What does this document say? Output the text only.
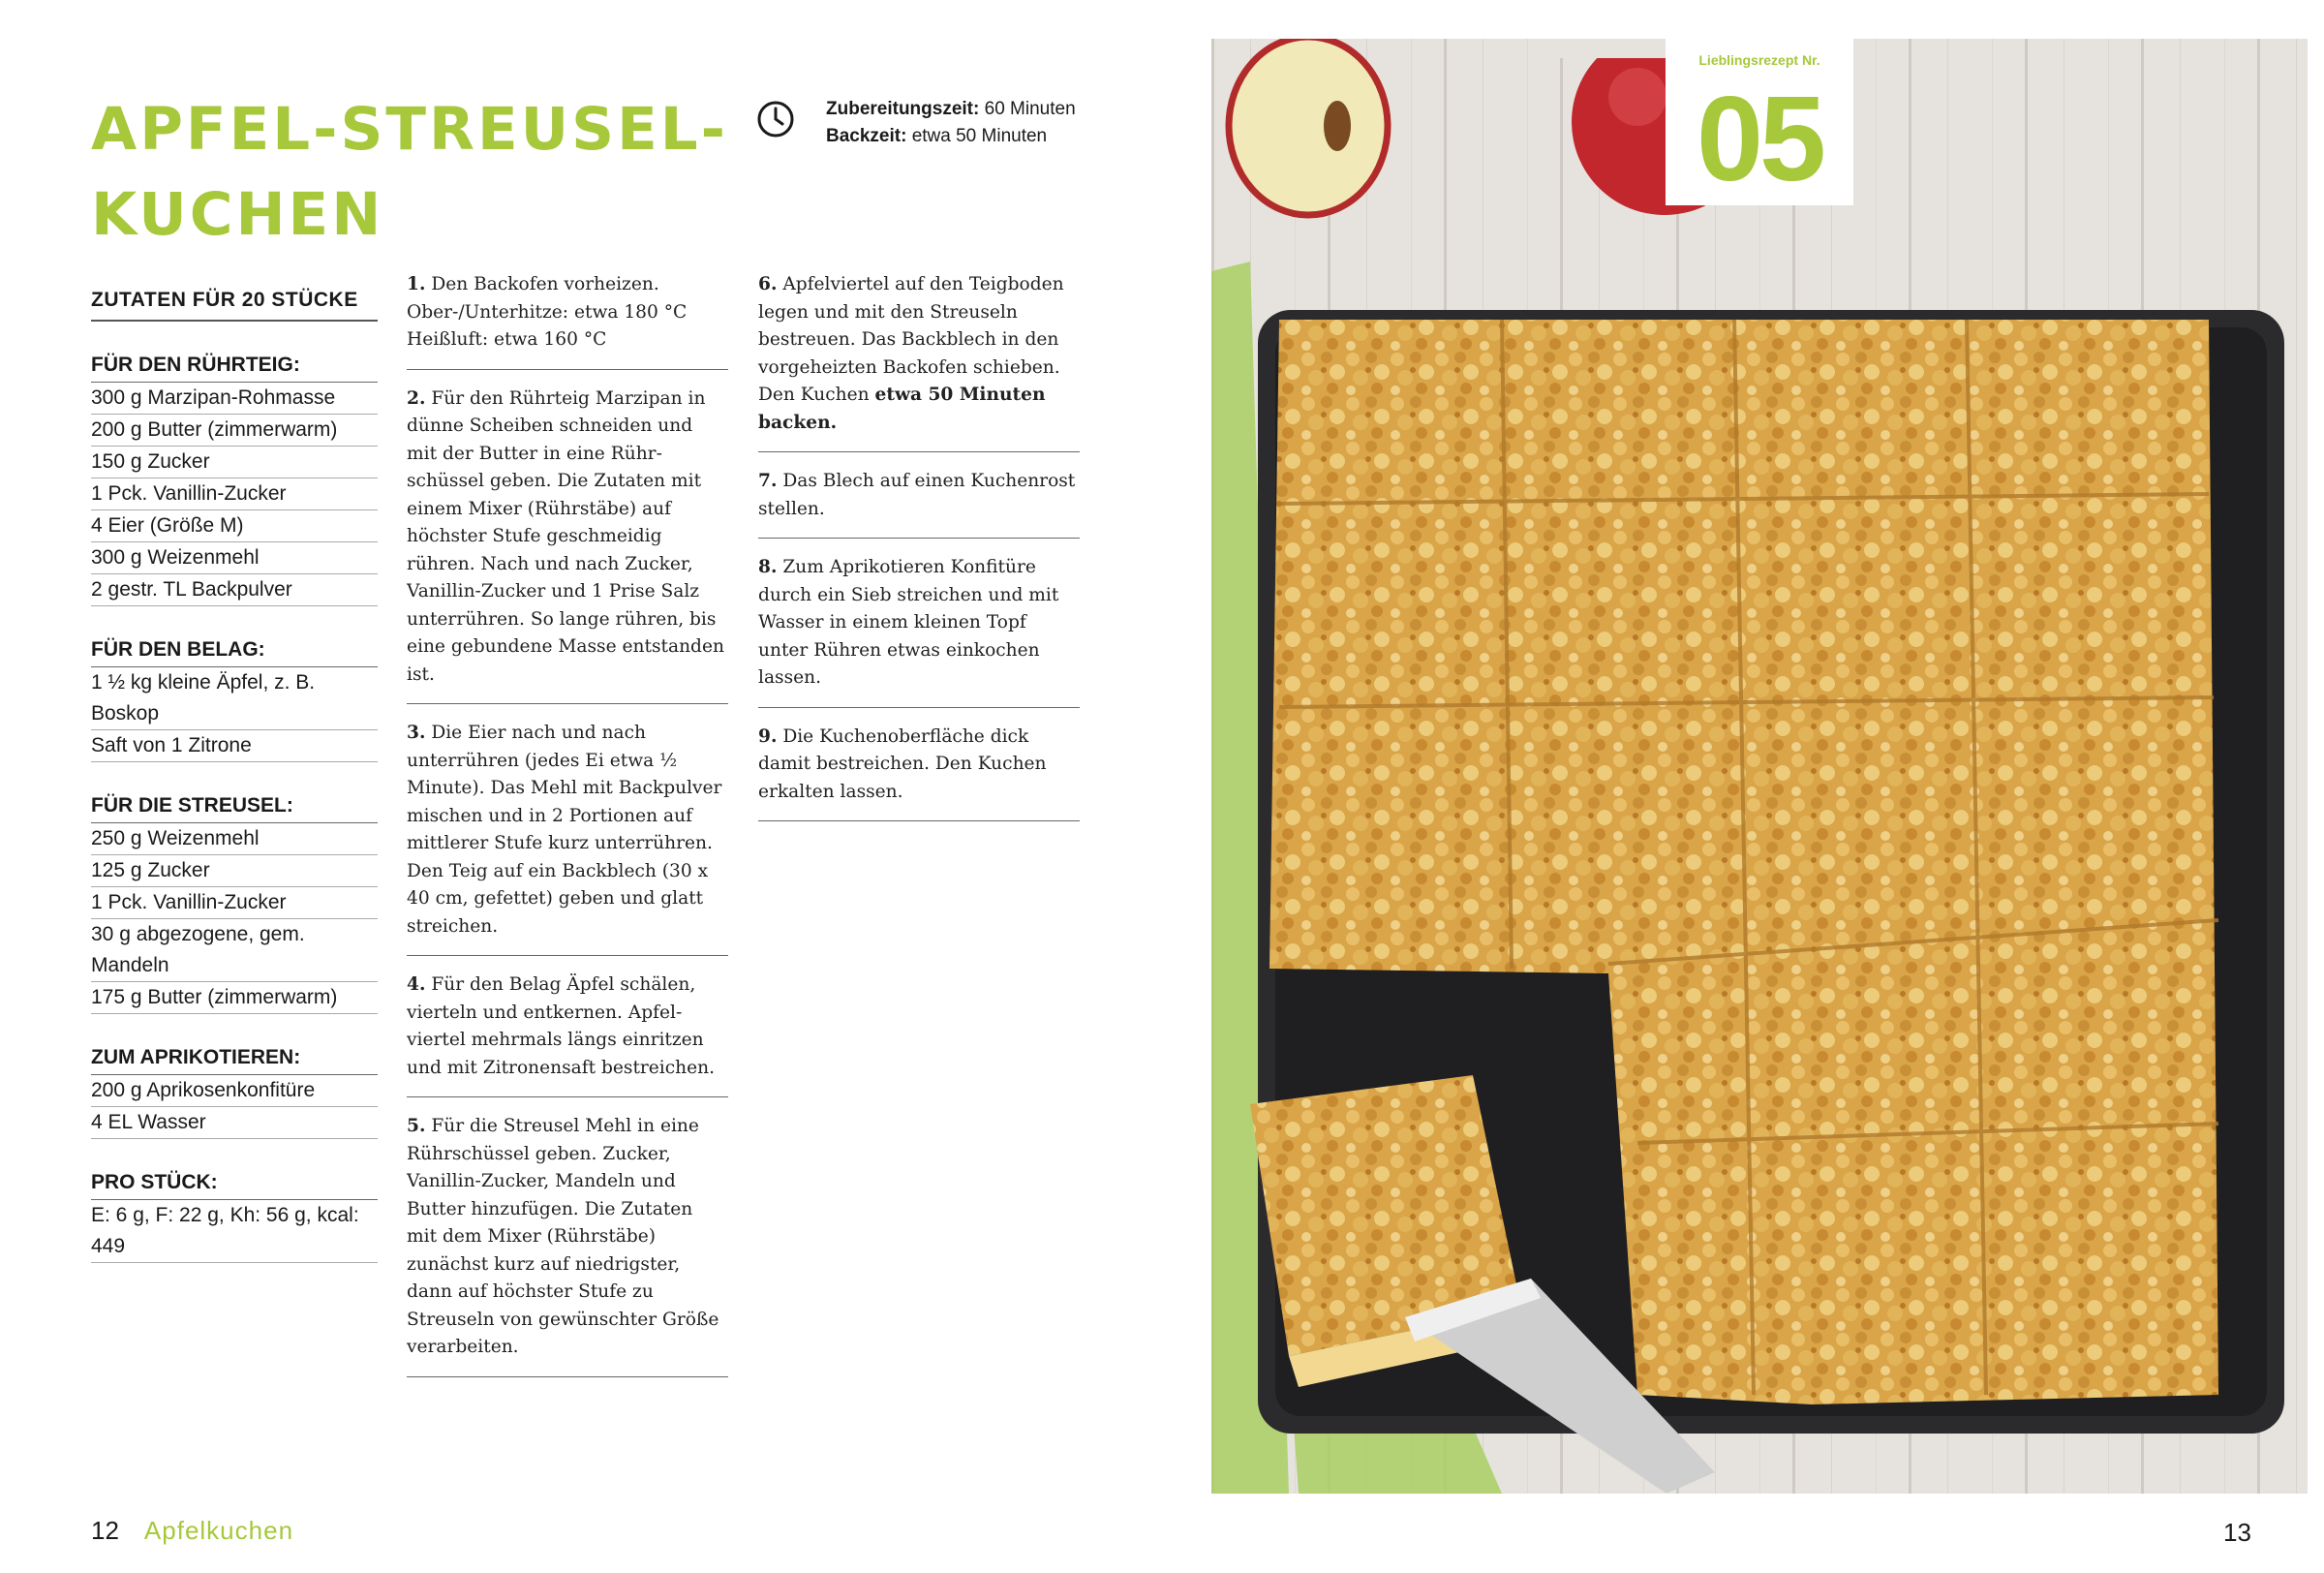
APFEL-STREUSEL-
KUCHEN
Zubereitungszeit: 60 Minuten
Backzeit: etwa 50 Minuten
ZUTATEN FÜR 20 STÜCKE
FÜR DEN RÜHRTEIG:
300 g Marzipan-Rohmasse
200 g Butter (zimmerwarm)
150 g Zucker
1 Pck. Vanillin-Zucker
4 Eier (Größe M)
300 g Weizenmehl
2 gestr. TL Backpulver
FÜR DEN BELAG:
1 ½ kg kleine Äpfel, z. B. Boskop
Saft von 1 Zitrone
FÜR DIE STREUSEL:
250 g Weizenmehl
125 g Zucker
1 Pck. Vanillin-Zucker
30 g abgezogene, gem. Mandeln
175 g Butter (zimmerwarm)
ZUM APRIKOTIEREN:
200 g Aprikosenkonfitüre
4 EL Wasser
PRO STÜCK:
E: 6 g, F: 22 g, Kh: 56 g, kcal: 449
1. Den Backofen vorheizen. Ober-/Unterhitze: etwa 180 °C Heißluft: etwa 160 °C
2. Für den Rührteig Marzipan in dünne Scheiben schneiden und mit der Butter in eine Rührschüssel geben. Die Zutaten mit einem Mixer (Rührstäbe) auf höchster Stufe geschmeidig rühren. Nach und nach Zucker, Vanillin-Zucker und 1 Prise Salz unterrühren. So lange rühren, bis eine gebundene Masse entstanden ist.
3. Die Eier nach und nach unterrühren (jedes Ei etwa ½ Minute). Das Mehl mit Backpulver mischen und in 2 Portionen auf mittlerer Stufe kurz unterrühren. Den Teig auf ein Backblech (30 x 40 cm, gefettet) geben und glatt streichen.
4. Für den Belag Äpfel schälen, vierteln und entkernen. Apfelviertel mehrmals längs einritzen und mit Zitronensaft bestreichen.
5. Für die Streusel Mehl in eine Rührschüssel geben. Zucker, Vanillin-Zucker, Mandeln und Butter hinzufügen. Die Zutaten mit dem Mixer (Rührstäbe) zunächst kurz auf niedrigster, dann auf höchster Stufe zu Streuseln von gewünschter Größe verarbeiten.
6. Apfelviertel auf den Teigboden legen und mit den Streuseln bestreuen. Das Backblech in den vorgeheizten Backofen schieben. Den Kuchen etwa 50 Minuten backen.
7. Das Blech auf einen Kuchenrost stellen.
8. Zum Aprikotieren Konfitüre durch ein Sieb streichen und mit Wasser in einem kleinen Topf unter Rühren etwas einkochen lassen.
9. Die Kuchenoberfläche dick damit bestreichen. Den Kuchen erkalten lassen.
12 Apfelkuchen
Lieblingsrezept Nr.
05
13
